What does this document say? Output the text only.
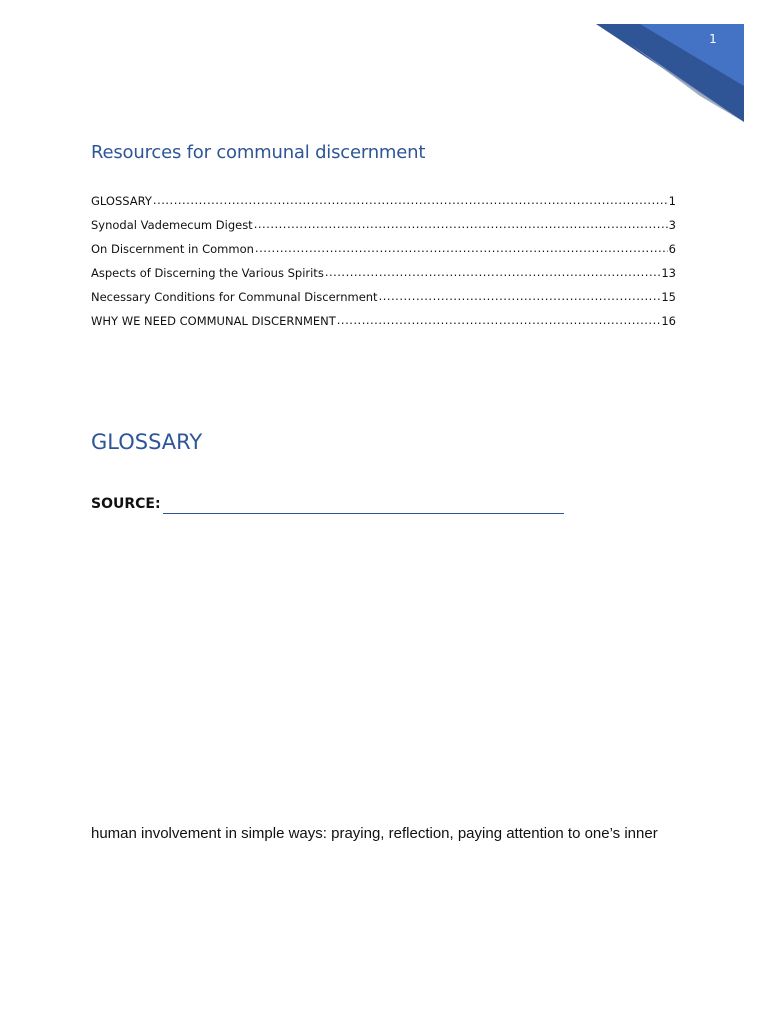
1
Resources for communal discernment
GLOSSARY .....	1
Synodal Vademecum Digest .....	3
On Discernment in Common .....	6
Aspects of Discerning the Various Spirits .....	13
Necessary Conditions for Communal Discernment .....	15
WHY WE NEED COMMUNAL DISCERNMENT .....	16
GLOSSARY
SOURCE:
human involvement in simple ways: praying, reflection, paying attention to one’s inner
